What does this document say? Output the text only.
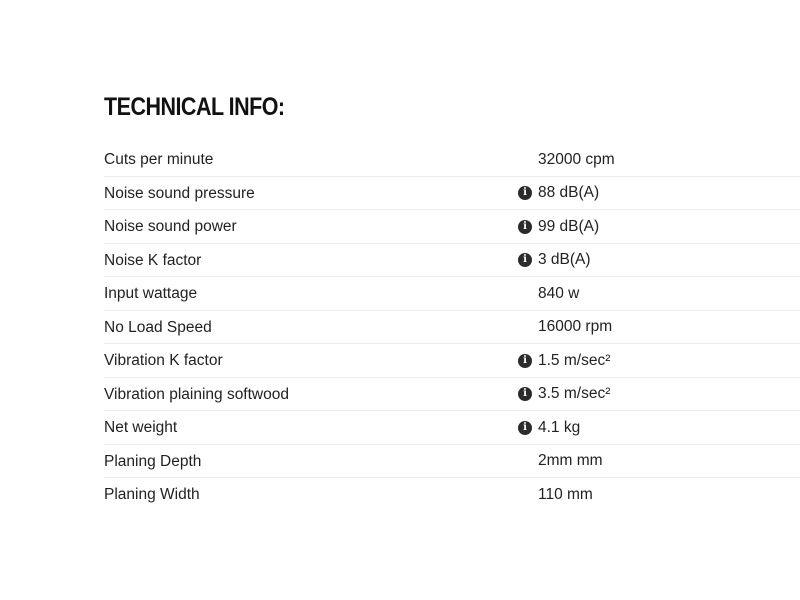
TECHNICAL INFO:
Cuts per minute	32000 cpm
Noise sound pressure	i 88 dB(A)
Noise sound power	i 99 dB(A)
Noise K factor	i 3 dB(A)
Input wattage	840 w
No Load Speed	16000 rpm
Vibration K factor	i 1.5 m/sec²
Vibration plaining softwood	i 3.5 m/sec²
Net weight	i 4.1 kg
Planing Depth	2mm mm
Planing Width	110 mm
